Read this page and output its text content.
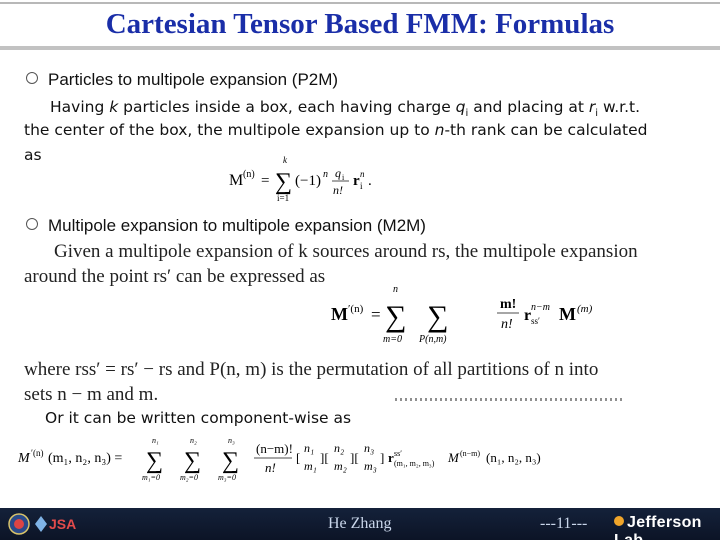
Cartesian Tensor Based FMM: Formulas
Particles to multipole expansion (P2M)
Having k particles inside a box, each having charge $q_i$ and placing at $r_i$ w.r.t.
the center of the box, the multipole expansion up to n-th rank can be calculated
as
M (n) =
k
∑
i=1
(−1) n q i
n!
r n
i .
Multipole expansion to multipole expansion (M2M)
Given a multipole expansion of k sources around rs, the multipole expansion
around the point rs′ can be expressed as
M ′(n) =
n
∑
m=0
∑
P(n,m)
m!
n!
r ss′
n−m M (m)
where rss′ = rs′ − rs and P(n, m) is the permutation of all partitions of n into
sets n − m and m.
Or it can be written component-wise as
M ′(n) (m₁, n₂, n₃) =
n₁
∑
m₁=0
n₂
∑
m₂=0
n₃
∑
m₃=0
(n−m)!
n!
[
n₁
m₁
][
n₂
m₂
][
n₃
m₃
] r ss′
(m₁, m₂, m₃) M (n−m) (n₁, n₂, n₃)
JSA	He Zhang	---11---	Jefferson Lab
